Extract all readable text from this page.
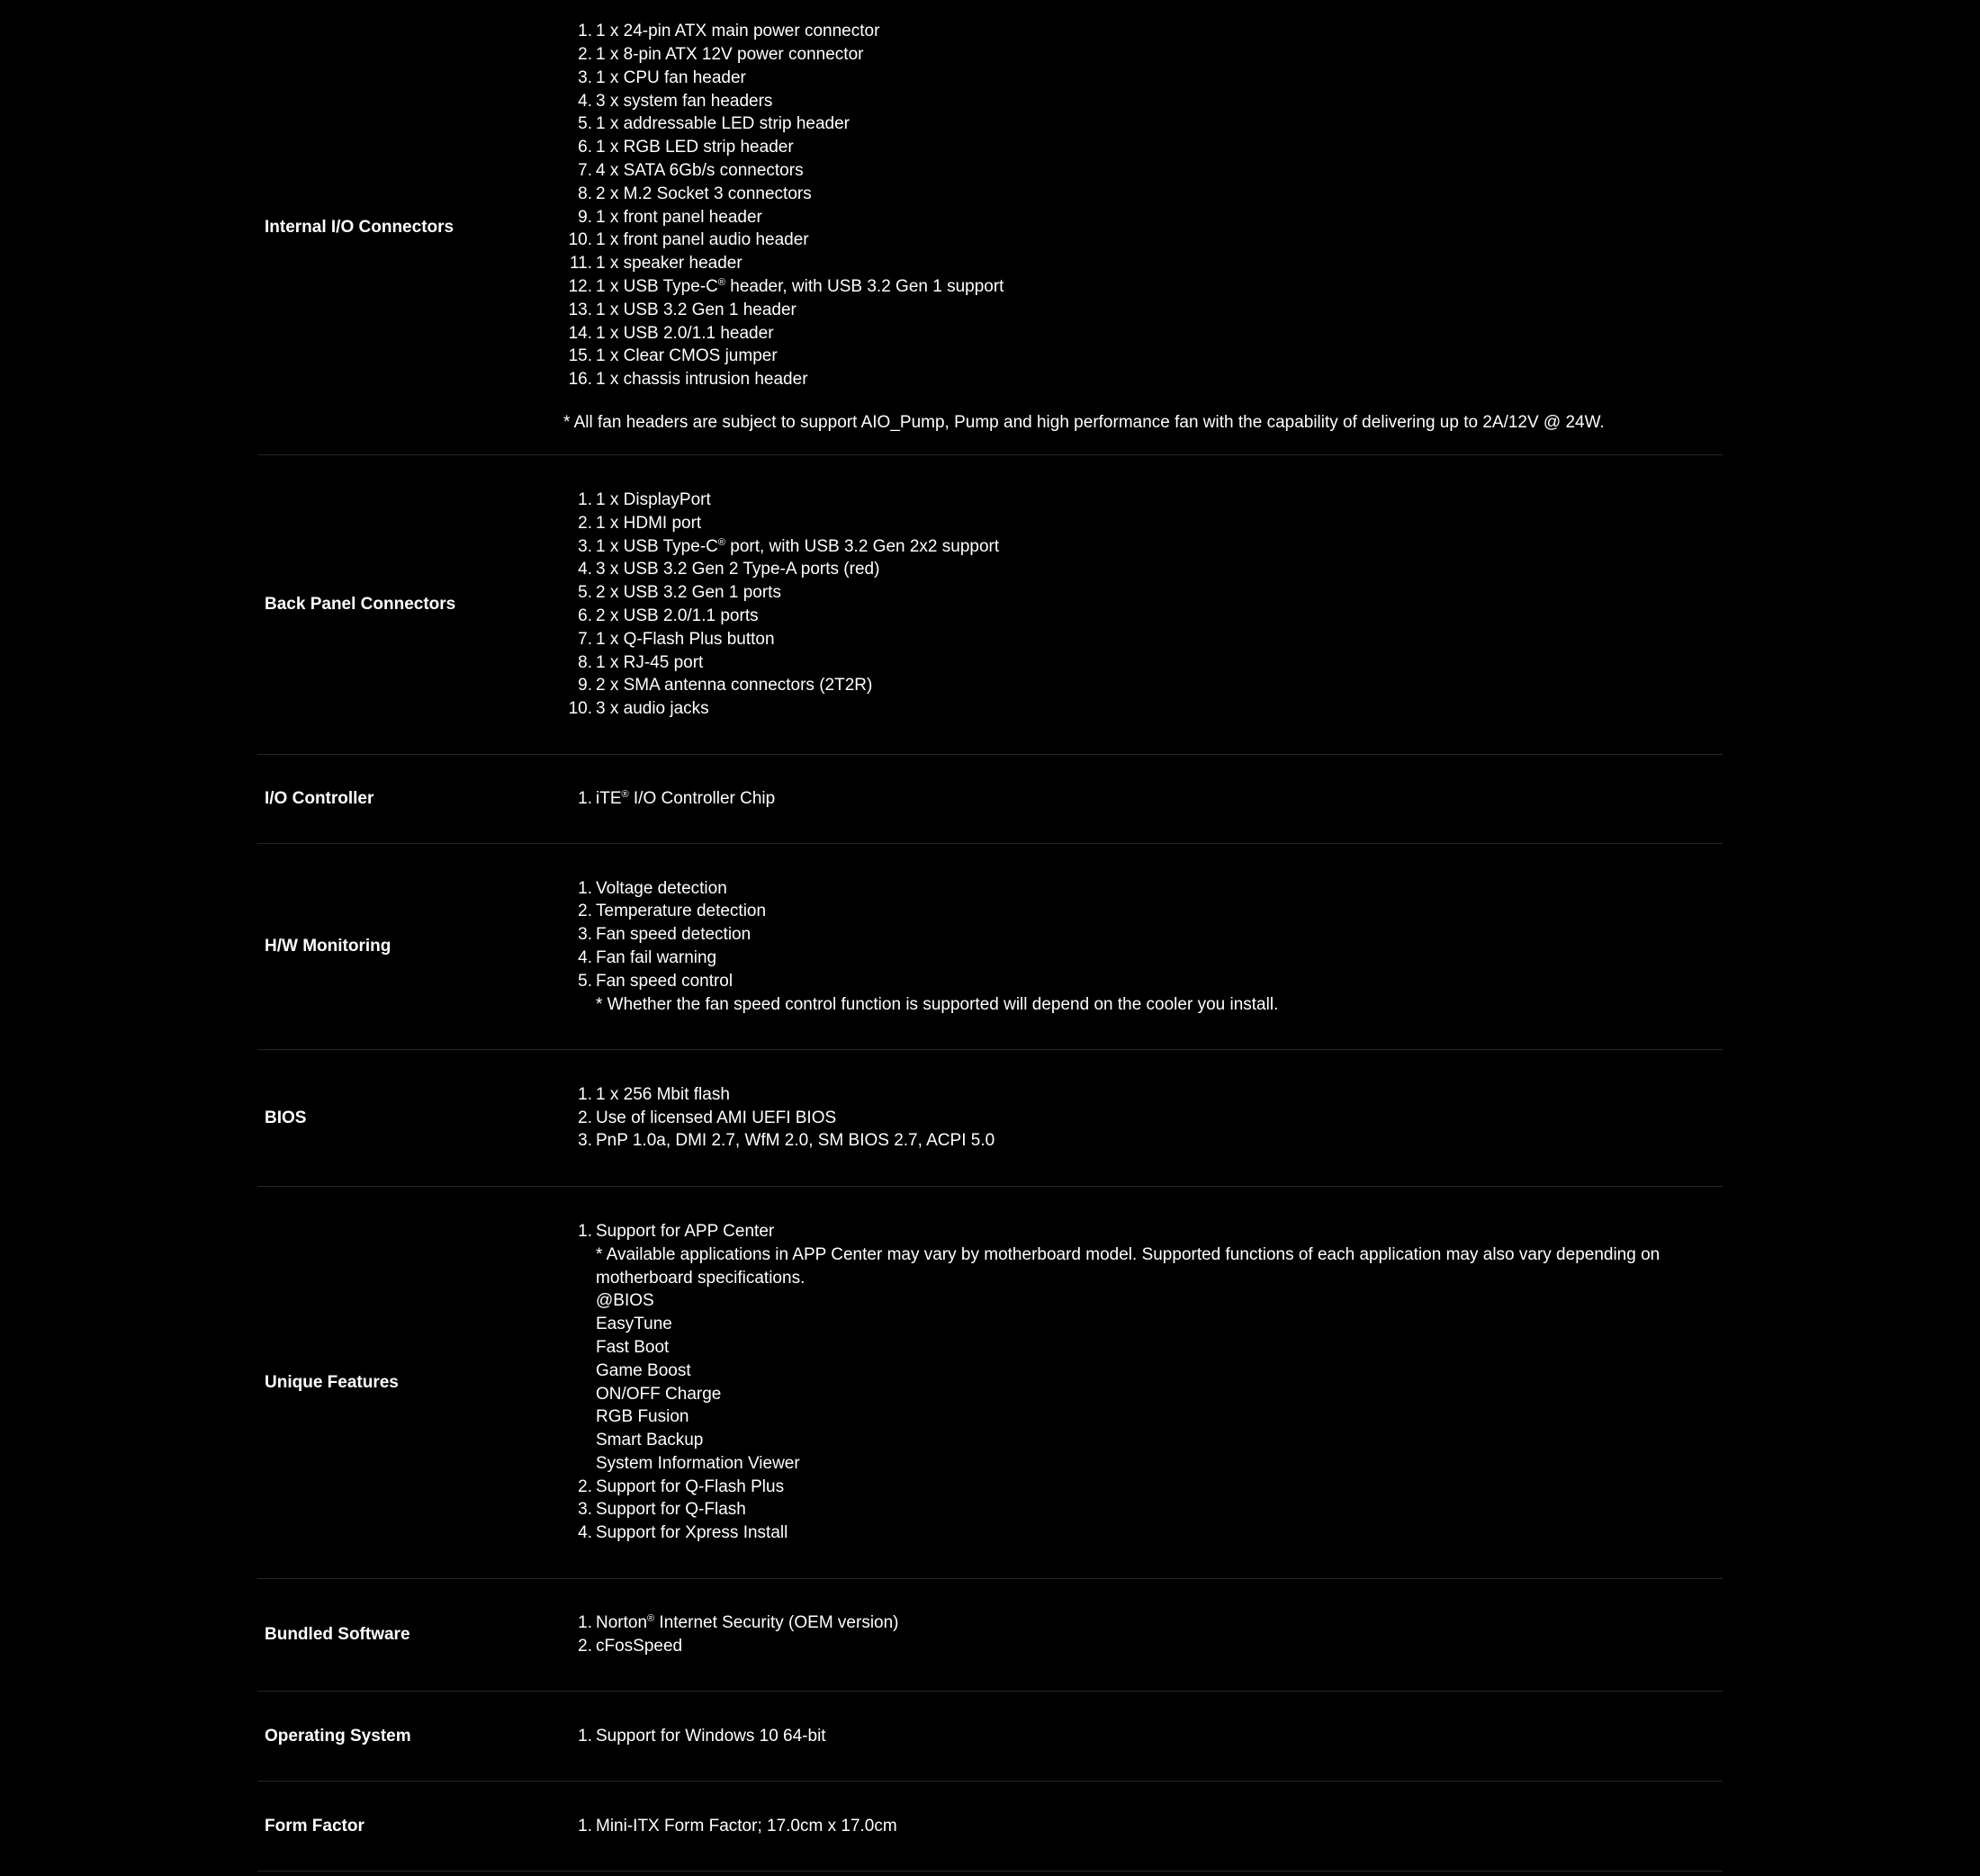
Internal I/O Connectors
1. 1 x 24-pin ATX main power connector
2. 1 x 8-pin ATX 12V power connector
3. 1 x CPU fan header
4. 3 x system fan headers
5. 1 x addressable LED strip header
6. 1 x RGB LED strip header
7. 4 x SATA 6Gb/s connectors
8. 2 x M.2 Socket 3 connectors
9. 1 x front panel header
10. 1 x front panel audio header
11. 1 x speaker header
12. 1 x USB Type-C® header, with USB 3.2 Gen 1 support
13. 1 x USB 3.2 Gen 1 header
14. 1 x USB 2.0/1.1 header
15. 1 x Clear CMOS jumper
16. 1 x chassis intrusion header
* All fan headers are subject to support AIO_Pump, Pump and high performance fan with the capability of delivering up to 2A/12V @ 24W.
Back Panel Connectors
1. 1 x DisplayPort
2. 1 x HDMI port
3. 1 x USB Type-C® port, with USB 3.2 Gen 2x2 support
4. 3 x USB 3.2 Gen 2 Type-A ports (red)
5. 2 x USB 3.2 Gen 1 ports
6. 2 x USB 2.0/1.1 ports
7. 1 x Q-Flash Plus button
8. 1 x RJ-45 port
9. 2 x SMA antenna connectors (2T2R)
10. 3 x audio jacks
I/O Controller	1. iTE® I/O Controller Chip
H/W Monitoring
1. Voltage detection
2. Temperature detection
3. Fan speed detection
4. Fan fail warning
5. Fan speed control
* Whether the fan speed control function is supported will depend on the cooler you install.
BIOS
1. 1 x 256 Mbit flash
2. Use of licensed AMI UEFI BIOS
3. PnP 1.0a, DMI 2.7, WfM 2.0, SM BIOS 2.7, ACPI 5.0
Unique Features
1. Support for APP Center
* Available applications in APP Center may vary by motherboard model. Supported functions of each application may also vary depending on motherboard specifications.
@BIOS
EasyTune
Fast Boot
Game Boost
ON/OFF Charge
RGB Fusion
Smart Backup
System Information Viewer
2. Support for Q-Flash Plus
3. Support for Q-Flash
4. Support for Xpress Install
Bundled Software
1. Norton® Internet Security (OEM version)
2. cFosSpeed
Operating System	1. Support for Windows 10 64-bit
Form Factor	1. Mini-ITX Form Factor; 17.0cm x 17.0cm
